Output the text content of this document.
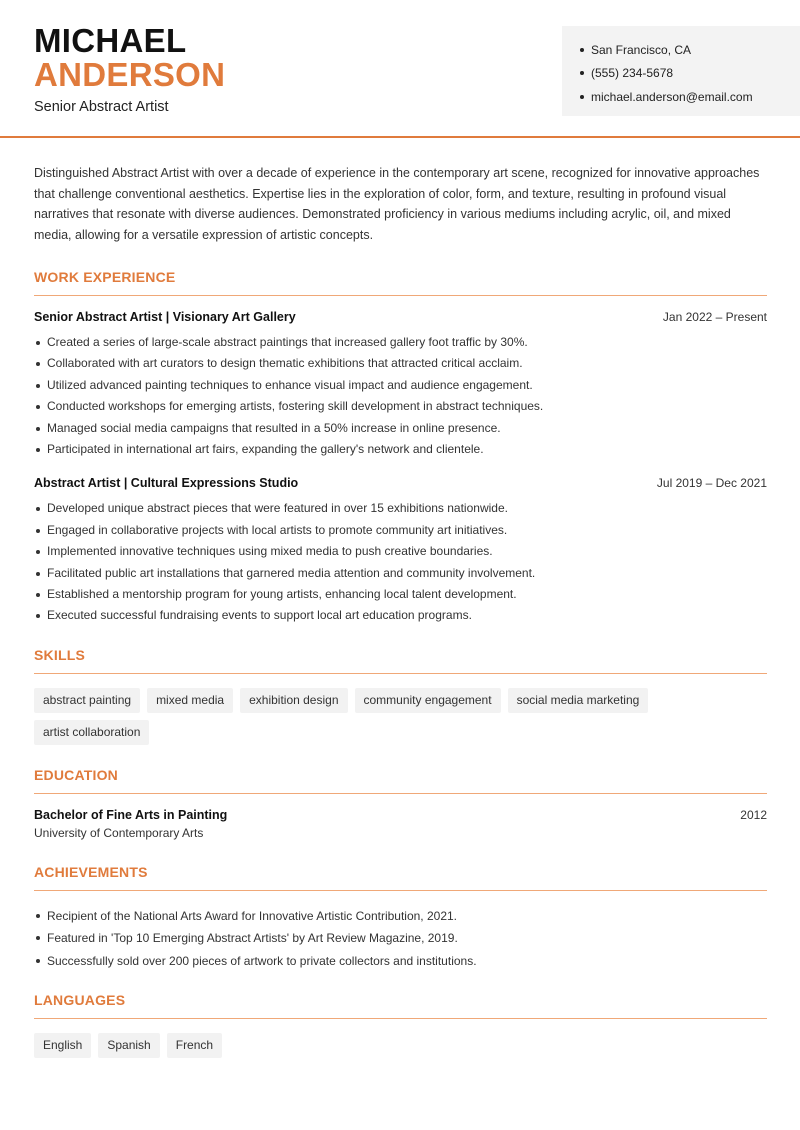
MICHAEL
ANDERSON
Senior Abstract Artist
San Francisco, CA
(555) 234-5678
michael.anderson@email.com

Distinguished Abstract Artist with over a decade of experience in the contemporary art scene, recognized for innovative approaches that challenge conventional aesthetics. Expertise lies in the exploration of color, form, and texture, resulting in profound visual narratives that resonate with diverse audiences. Demonstrated proficiency in various mediums including acrylic, oil, and mixed media, allowing for a versatile expression of artistic concepts.

WORK EXPERIENCE
Senior Abstract Artist | Visionary Art Gallery	Jan 2022 – Present
Created a series of large-scale abstract paintings that increased gallery foot traffic by 30%.
Collaborated with art curators to design thematic exhibitions that attracted critical acclaim.
Utilized advanced painting techniques to enhance visual impact and audience engagement.
Conducted workshops for emerging artists, fostering skill development in abstract techniques.
Managed social media campaigns that resulted in a 50% increase in online presence.
Participated in international art fairs, expanding the gallery's network and clientele.
Abstract Artist | Cultural Expressions Studio	Jul 2019 – Dec 2021
Developed unique abstract pieces that were featured in over 15 exhibitions nationwide.
Engaged in collaborative projects with local artists to promote community art initiatives.
Implemented innovative techniques using mixed media to push creative boundaries.
Facilitated public art installations that garnered media attention and community involvement.
Established a mentorship program for young artists, enhancing local talent development.
Executed successful fundraising events to support local art education programs.
SKILLS
abstract painting	mixed media	exhibition design	community engagement	social media marketing
artist collaboration
EDUCATION
Bachelor of Fine Arts in Painting	2012
University of Contemporary Arts
ACHIEVEMENTS
Recipient of the National Arts Award for Innovative Artistic Contribution, 2021.
Featured in 'Top 10 Emerging Abstract Artists' by Art Review Magazine, 2019.
Successfully sold over 200 pieces of artwork to private collectors and institutions.
LANGUAGES
English	Spanish	French
